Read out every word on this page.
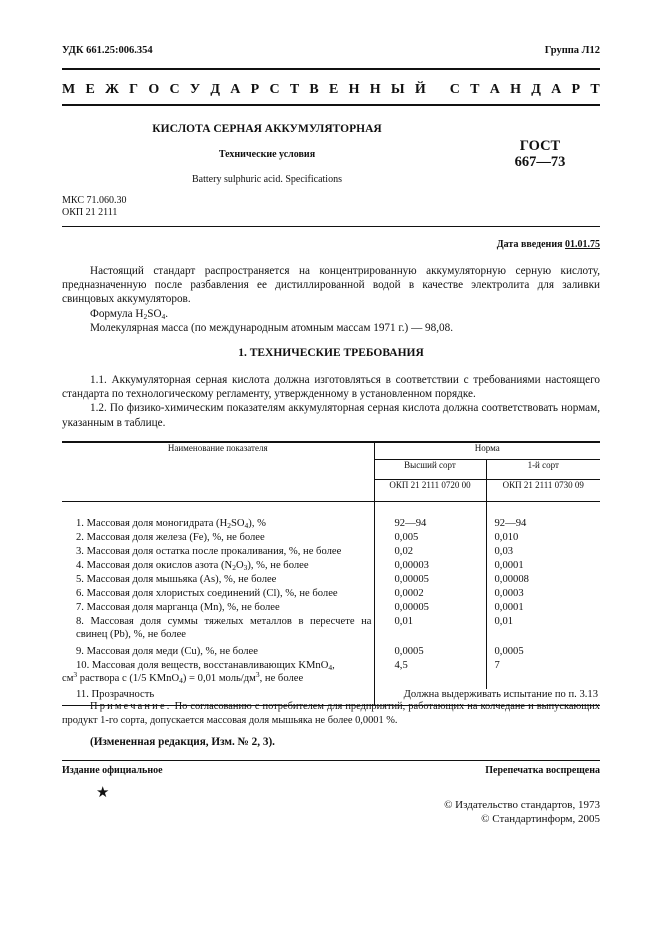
УДК 661.25:006.354	Группа Л12
М Е Ж Г О С У Д А Р С Т В Е Н Н Ы Й
С Т А Н Д А Р Т
КИСЛОТА СЕРНАЯ АККУМУЛЯТОРНАЯ
Технические условия
Battery sulphuric acid. Specifications
ГОСТ
667—73
МКС 71.060.30
ОКП 21 2111
Дата введения 01.01.75

Настоящий стандарт распространяется на концентрированную аккумуляторную серную кислоту, предназначенную после разбавления ее дистиллированной водой в качестве электролита для заливки свинцовых аккумуляторов.

Формула $H_2SO_4$.

Молекулярная масса (по международным атомным массам 1971 г.) — 98,08.

1. ТЕХНИЧЕСКИЕ ТРЕБОВАНИЯ

1.1. Аккумуляторная серная кислота должна изготовляться в соответствии с требованиями настоящего стандарта по технологическому регламенту, утвержденному в установленном порядке.

1.2. По физико-химическим показателям аккумуляторная серная кислота должна соответствовать нормам, указанным в таблице.

Наименование показателя	Норма	
	Высший сорт	1-й сорт
	ОКП 21 2111 0720 00	ОКП 21 2111 0730 09

1. Массовая доля моногидрата $(H_2SO_4)$, %	92—94	92—94

2. Массовая доля железа (Fe), %, не более	0,005	0,010

3. Массовая доля остатка после прокаливания, %, не более	0,02	0,03

4. Массовая доля окислов азота $(N_2O_3)$, %, не более	0,00003	0,0001

5. Массовая доля мышьяка (As), %, не более	0,00005	0,00008

6. Массовая доля хлористых соединений (Cl), %, не более	0,0002	0,0003

7. Массовая доля марганца (Mn), %, не более	0,00005	0,0001

8. Массовая доля суммы тяжелых металлов в пересчете на свинец (Pb), %, не более	0,01	0,01

9. Массовая доля меди (Cu), %, не более	0,0005	0,0005

10. Массовая доля веществ, восстанавливающих KMnO$_4$,
$см^3$ раствора c (1/5 KMnO$_4$) = 0,01 моль/$дм^3$, не более	4,5	7

11. Прозрачность	Должна выдерживать испытание по п. 3.13	

Примечание. По согласованию с потребителем для предприятий, работающих на колчедане и выпускающих продукт 1-го сорта, допускается массовая доля мышьяка не более 0,0001 %.

(Измененная редакция, Изм. № 2, 3).
Издание официальное	Перепечатка воспрещена
★
© Издательство стандартов, 1973
© Стандартинформ, 2005
